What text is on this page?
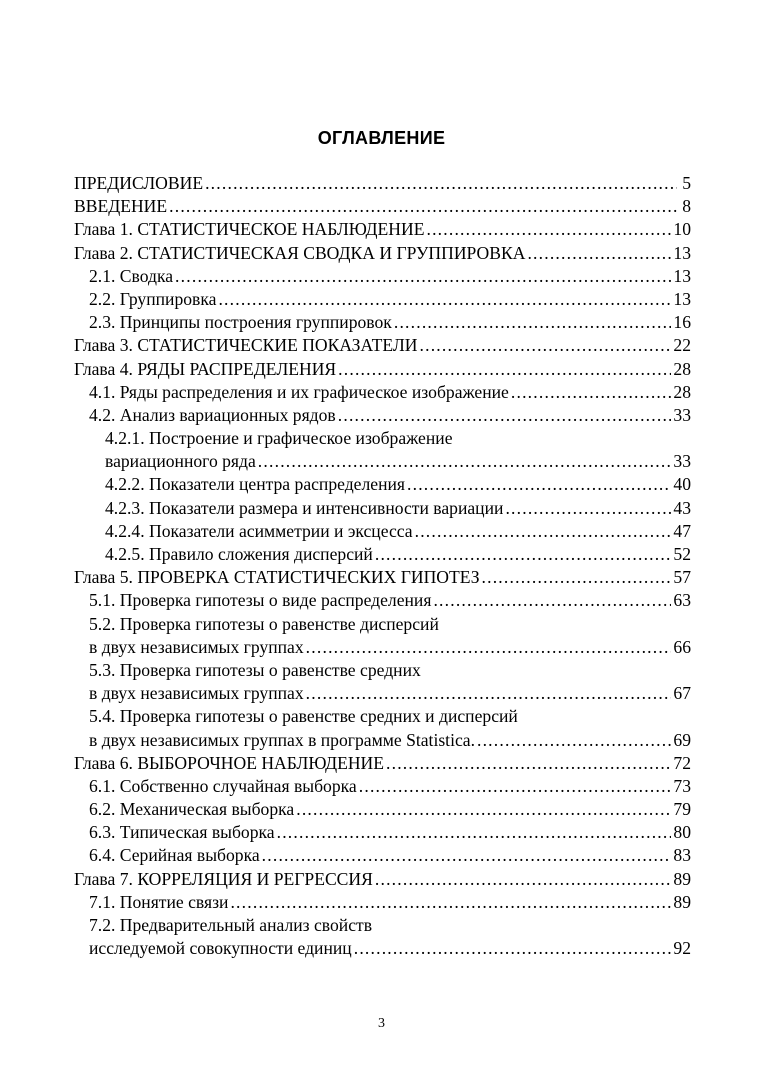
ОГЛАВЛЕНИЕ
ПРЕДИСЛОВИЕ .....	5
ВВЕДЕНИЕ .....	8
Глава 1. СТАТИСТИЧЕСКОЕ НАБЛЮДЕНИЕ .....	10
Глава 2. СТАТИСТИЧЕСКАЯ СВОДКА И ГРУППИРОВКА .....	13
2.1. Сводка .....	13
2.2. Группировка .....	13
2.3. Принципы построения группировок .....	16
Глава 3. СТАТИСТИЧЕСКИЕ ПОКАЗАТЕЛИ .....	22
Глава 4. РЯДЫ РАСПРЕДЕЛЕНИЯ .....	28
4.1. Ряды распределения и их графическое изображение .....	28
4.2. Анализ вариационных рядов .....	33
4.2.1. Построение и графическое изображение
вариационного ряда .....	33
4.2.2. Показатели центра распределения .....	40
4.2.3. Показатели размера и интенсивности вариации .....	43
4.2.4. Показатели асимметрии и эксцесса .....	47
4.2.5. Правило сложения дисперсий .....	52
Глава 5. ПРОВЕРКА СТАТИСТИЧЕСКИХ ГИПОТЕЗ .....	57
5.1. Проверка гипотезы о виде распределения .....	63
5.2. Проверка гипотезы о равенстве дисперсий
в двух независимых группах .....	66
5.3. Проверка гипотезы о равенстве средних
в двух независимых группах .....	67
5.4. Проверка гипотезы о равенстве средних и дисперсий
в двух независимых группах в программе Statistica. .....	69
Глава 6. ВЫБОРОЧНОЕ НАБЛЮДЕНИЕ .....	72
6.1. Собственно случайная выборка .....	73
6.2. Механическая выборка .....	79
6.3. Типическая выборка .....	80
6.4. Серийная выборка .....	83
Глава 7. КОРРЕЛЯЦИЯ И РЕГРЕССИЯ .....	89
7.1. Понятие связи .....	89
7.2. Предварительный анализ свойств
исследуемой совокупности единиц .....	92
3
